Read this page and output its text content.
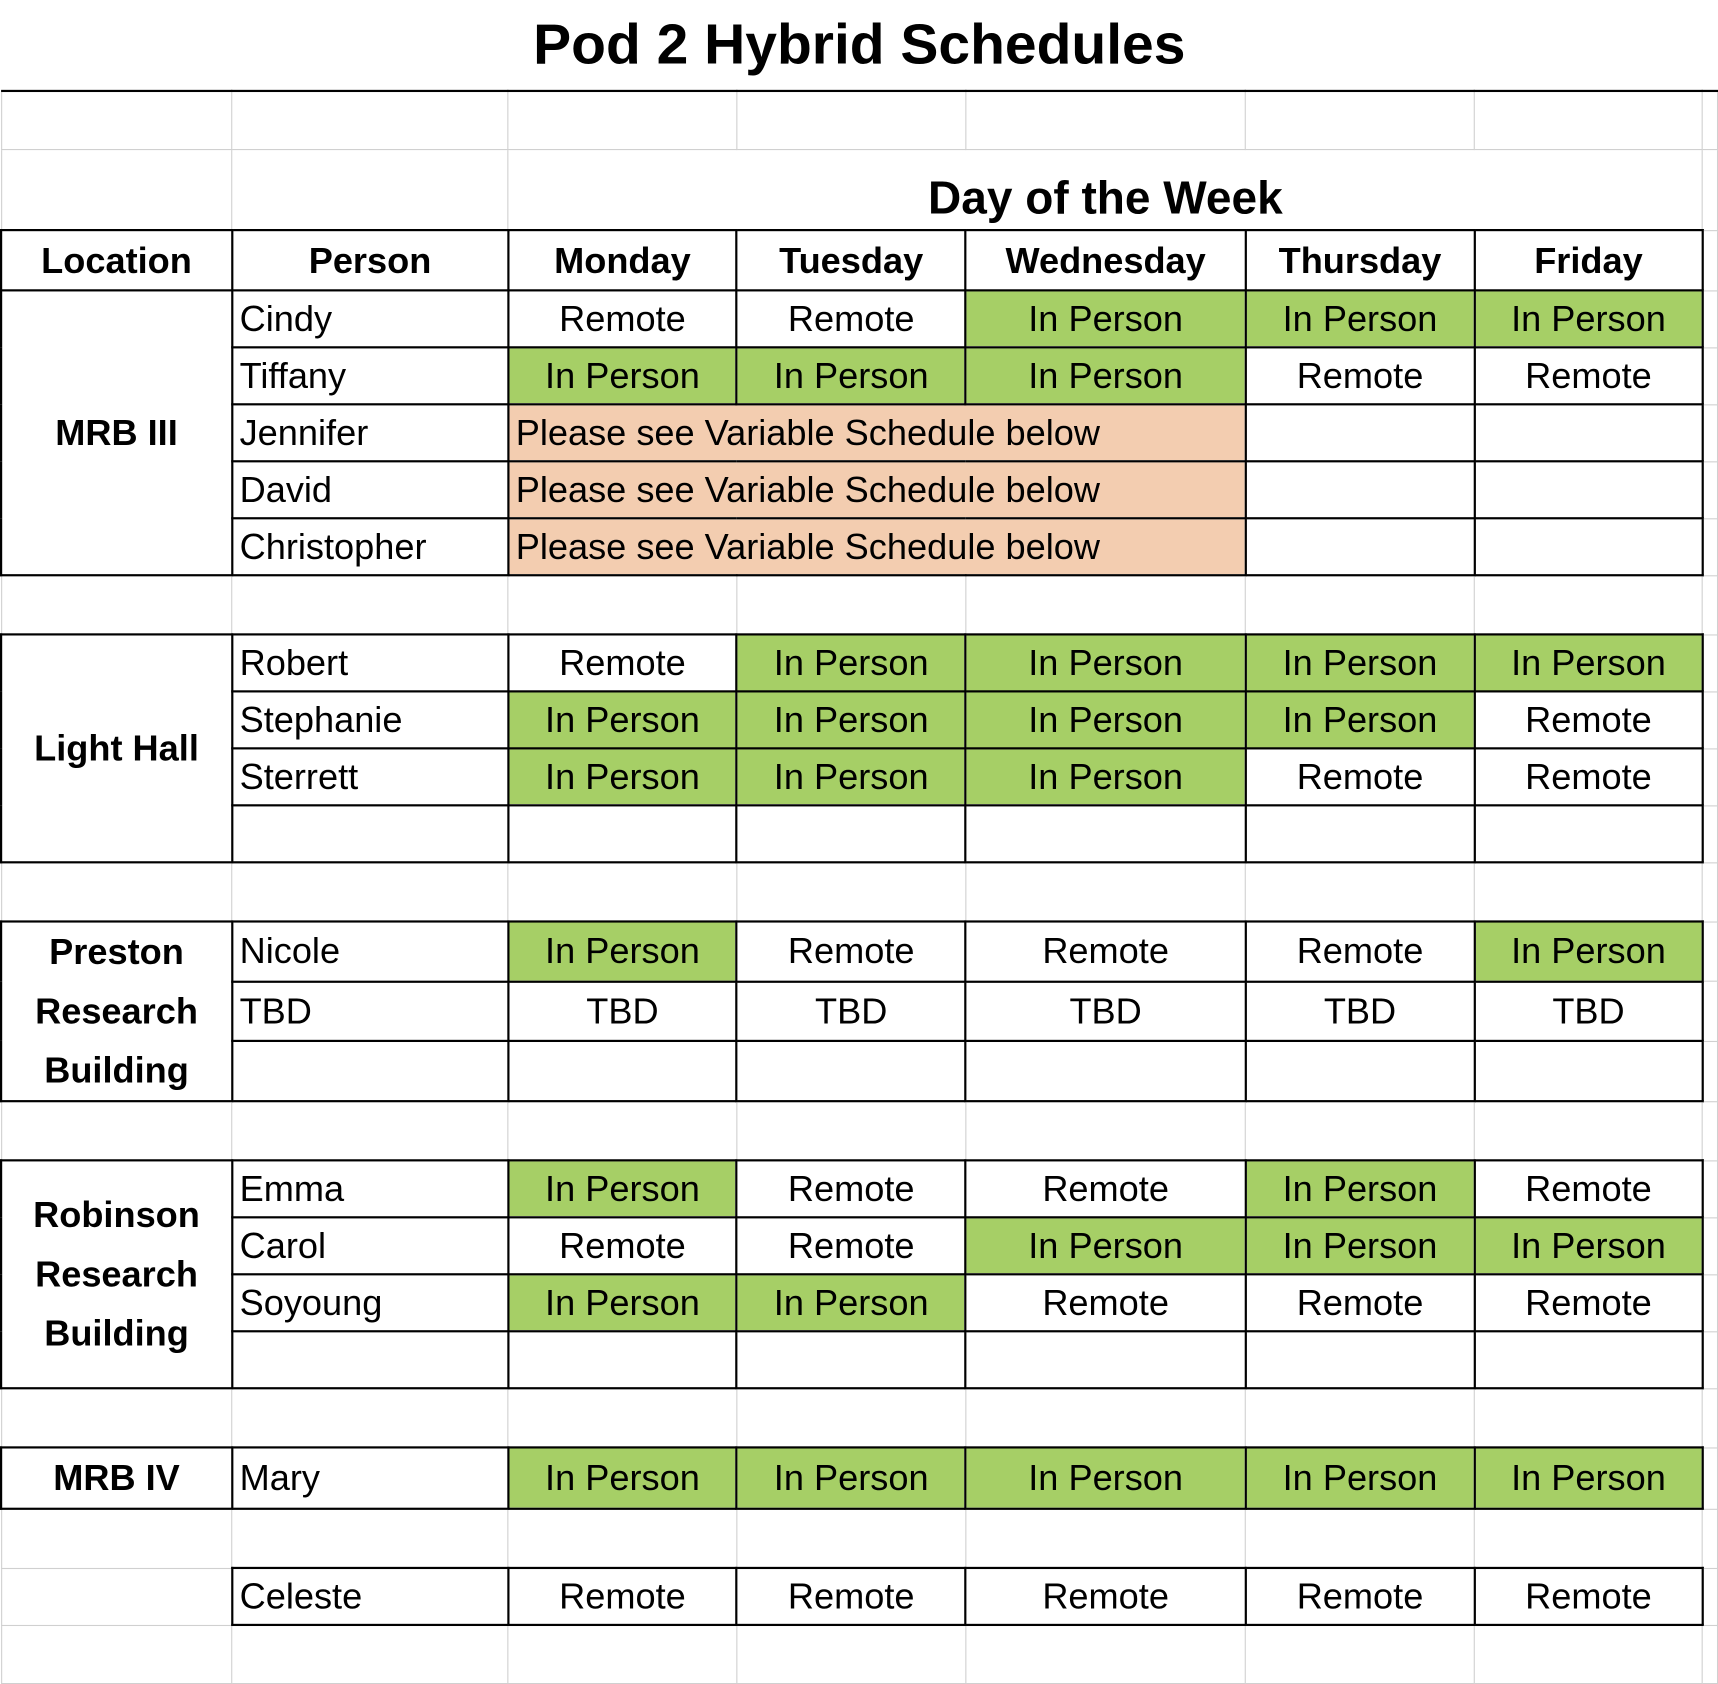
Pod 2 Hybrid Schedules							

		Day of the Week					
Location	Person	Monday	Tuesday	Wednesday	Thursday	Friday	
MRB III	Cindy	Remote	Remote	In Person	In Person	In Person	
	Tiffany	In Person	In Person	In Person	Remote	Remote	
	Jennifer	Please see Variable Schedule below					
	David	Please see Variable Schedule below					
	Christopher	Please see Variable Schedule below					

Light Hall	Robert	Remote	In Person	In Person	In Person	In Person	
	Stephanie	In Person	In Person	In Person	In Person	Remote	
	Sterrett	In Person	In Person	In Person	Remote	Remote	

Preston Research Building	Nicole	In Person	Remote	Remote	Remote	In Person	
	TBD	TBD	TBD	TBD	TBD	TBD	

Robinson Research Building	Emma	In Person	Remote	Remote	In Person	Remote	
	Carol	Remote	Remote	In Person	In Person	In Person	
	Soyoung	In Person	In Person	Remote	Remote	Remote	

MRB IV	Mary	In Person	In Person	In Person	In Person	In Person	

	Celeste	Remote	Remote	Remote	Remote	Remote	
